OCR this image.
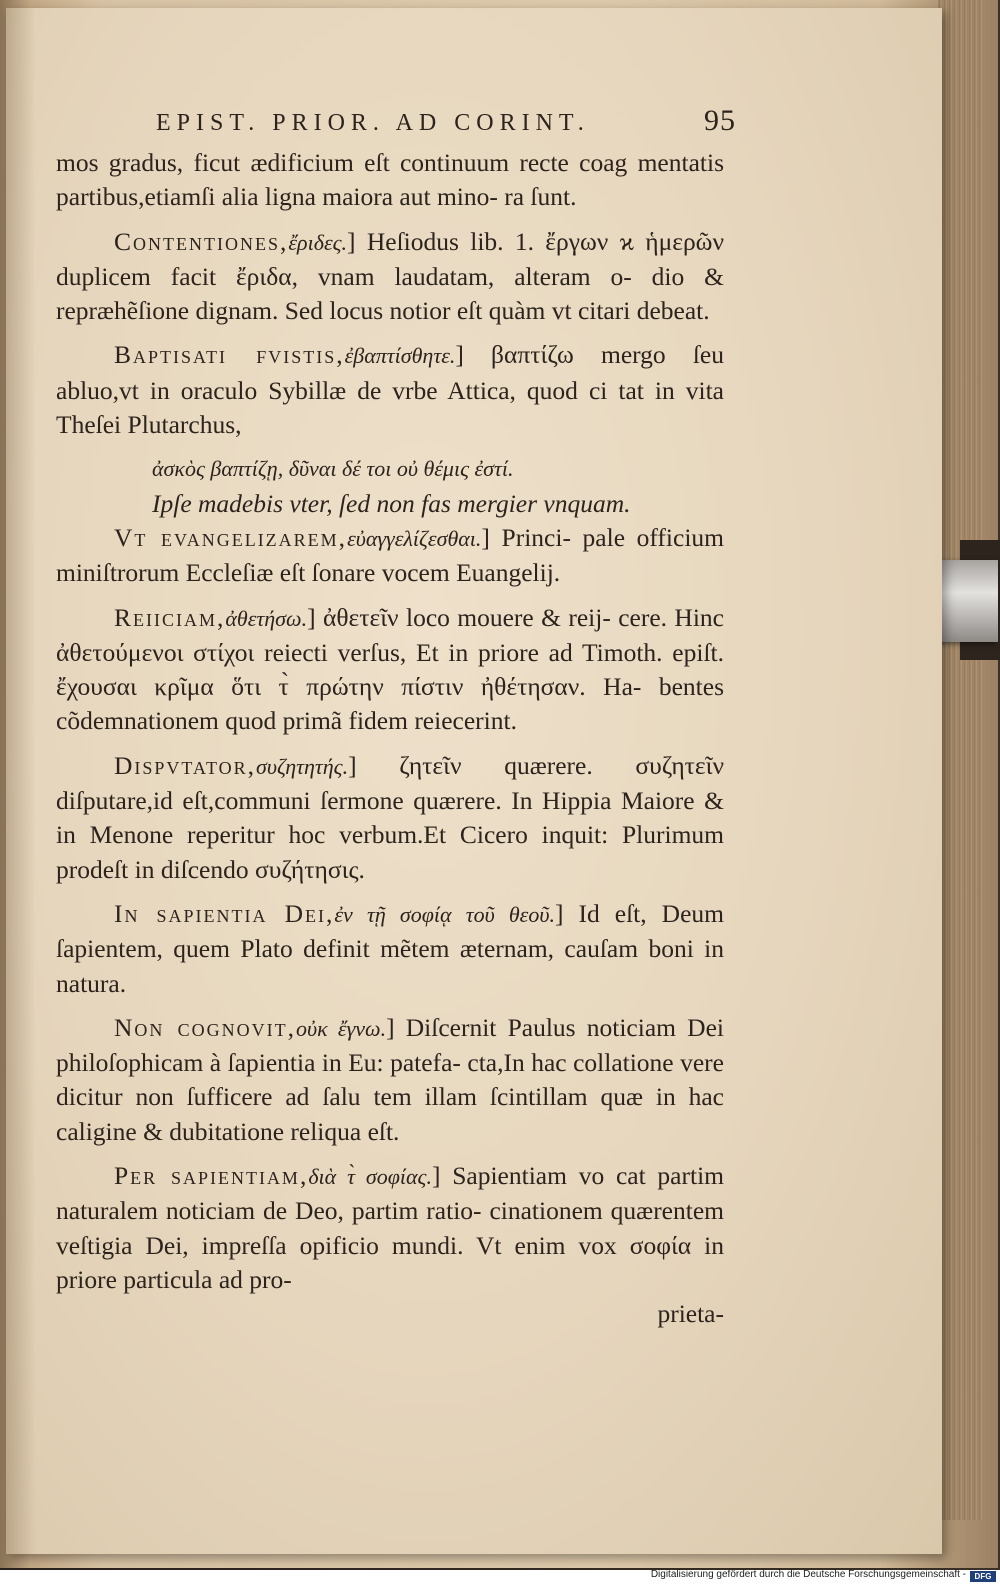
EPIST. PRIOR. AD CORINT.	95

mos gradus, ficut ædificium eſt continuum recte coag mentatis partibus,etiamſi alia ligna maiora aut mino- ra ſunt.

Contentiones,ἔριδες.] Heſiodus lib. 1. ἔργων ϰ ἡμερῶν duplicem facit ἔριδα, vnam laudatam, alteram o- dio & repræhẽſione dignam. Sed locus notior eſt quàm vt citari debeat.

Baptisati fvistis,ἐβαπτίσθητε.] βαπτίζω mergo ſeu abluo,vt in oraculo Sybillæ de vrbe Attica, quod ci tat in vita Theſei Plutarchus,

ἀσκὸς βαπτίζῃ, δῦναι δέ τοι οὐ θέμις ἐστί.
Ipſe madebis vter, ſed non fas mergier vnquam.

Vt evangelizarem,εὐαγγελίζεσθαι.] Princi- pale officium miniſtrorum Eccleſiæ eſt ſonare vocem Euangelij.

Reiiciam,ἀθετήσω.] ἀθετεῖν loco mouere & reij- cere. Hinc ἀθετούμενοι στίχοι reiecti verſus, Et in priore ad Timoth. epiſt. ἔχουσαι κρῖμα ὅτι τ̀ πρώτην πίστιν ἠθέτησαν. Ha- bentes cõdemnationem quod primã fidem reiecerint.

Dispvtator,συζητητής.] ζητεῖν quærere. συζητεῖν diſputare,id eſt,communi ſermone quærere. In Hippia Maiore & in Menone reperitur hoc verbum.Et Cicero inquit: Plurimum prodeſt in diſcendo συζήτησις.

In sapientia Dei,ἐν τῇ σοφίᾳ τοῦ θεοῦ.] Id eſt, Deum ſapientem, quem Plato definit mẽtem æternam, cauſam boni in natura.

Non cognovit,οὐκ ἔγνω.] Diſcernit Paulus noticiam Dei philoſophicam à ſapientia in Eu: patefa- cta,In hac collatione vere dicitur non ſufficere ad ſalu tem illam ſcintillam quæ in hac caligine & dubitatione reliqua eſt.

Per sapientiam,διὰ τ̀ σοφίας.] Sapientiam vo cat partim naturalem noticiam de Deo, partim ratio- cinationem quærentem veſtigia Dei, impreſſa opificio mundi. Vt enim vox σοφία in priore particula ad pro-

prieta-

Digitalisierung gefördert durch die Deutsche Forschungsgemeinschaft -	DFG
